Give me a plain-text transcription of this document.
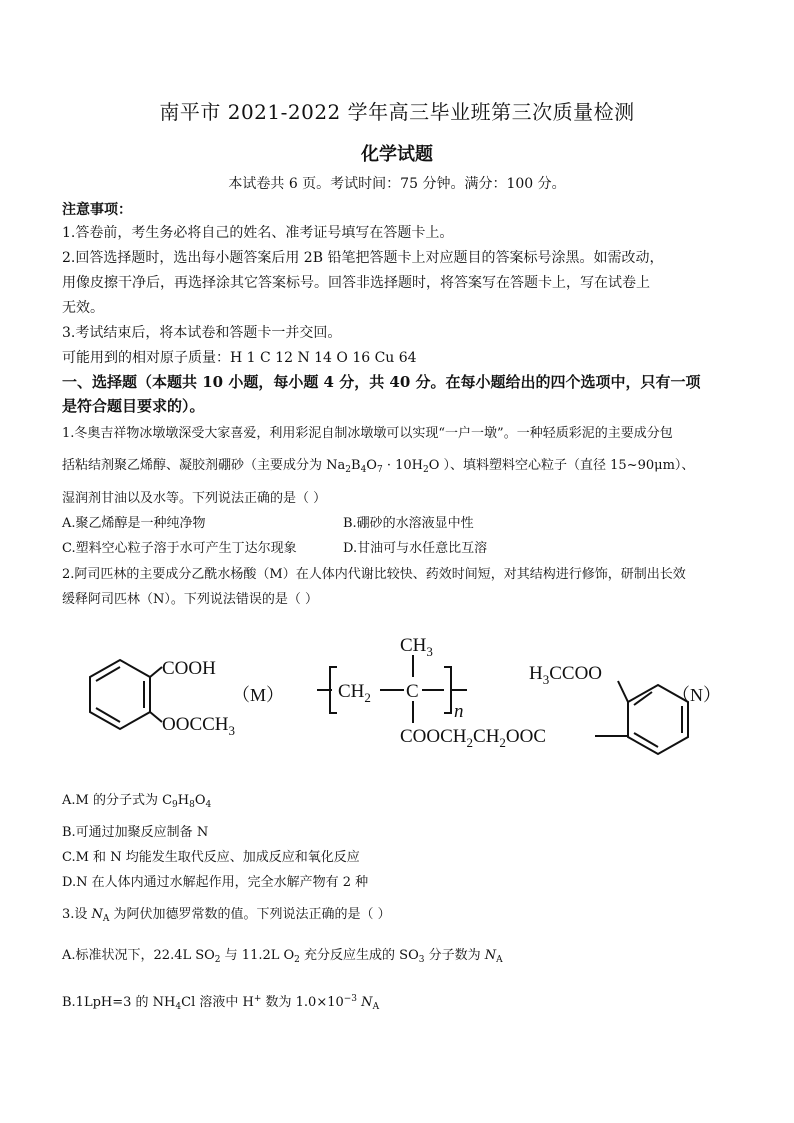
南平市 2021-2022 学年高三毕业班第三次质量检测
化学试题
本试卷共 6 页。考试时间：75 分钟。满分：100 分。
注意事项：
1.答卷前，考生务必将自己的姓名、准考证号填写在答题卡上。
2.回答选择题时，选出每小题答案后用 2B 铅笔把答题卡上对应题目的答案标号涂黑。如需改动，
用像皮擦干净后，再选择涂其它答案标号。回答非选择题时，将答案写在答题卡上，写在试卷上
无效。
3.考试结束后，将本试卷和答题卡一并交回。
可能用到的相对原子质量：H 1 C 12 N 14 O 16 Cu 64
一、选择题（本题共 10 小题，每小题 4 分，共 40 分。在每小题给出的四个选项中，只有一项
是符合题目要求的）。
1.冬奥吉祥物冰墩墩深受大家喜爱，利用彩泥自制冰墩墩可以实现“一户一墩”。一种轻质彩泥的主要成分包
括粘结剂聚乙烯醇、凝胶剂硼砂（主要成分为 $Na_2B_4O_7 \cdot 10H_2O$ ）、填料塑料空心粒子（直径 15~90μm）、
湿润剂甘油以及水等。下列说法正确的是（ ）
A.聚乙烯醇是一种纯净物	B.硼砂的水溶液显中性
C.塑料空心粒子溶于水可产生丁达尔现象	D.甘油可与水任意比互溶
2.阿司匹林的主要成分乙酰水杨酸（M）在人体内代谢比较快、药效时间短，对其结构进行修饰，研制出长效
缓释阿司匹林（N）。下列说法错误的是（ ）
COOH
$OOCCH_3$
（M）
$CH_3$
$CH_2$ C
n
$COOCH_2CH_2OOC$
$H_3CCOO$
（N）
A.M 的分子式为 $C_9H_8O_4$
B.可通过加聚反应制备 N
C.M 和 N 均能发生取代反应、加成反应和氧化反应
D.N 在人体内通过水解起作用，完全水解产物有 2 种
3.设 $N_A$ 为阿伏加德罗常数的值。下列说法正确的是（ ）
A.标准状况下，22.4L $SO_2$ 与 11.2L $O_2$ 充分反应生成的 $SO_3$ 分子数为 $N_A$
B.1LpH=3 的 $NH_4Cl$ 溶液中 H+ 数为 $1.0\times 10^{-3}$ $N_A$
